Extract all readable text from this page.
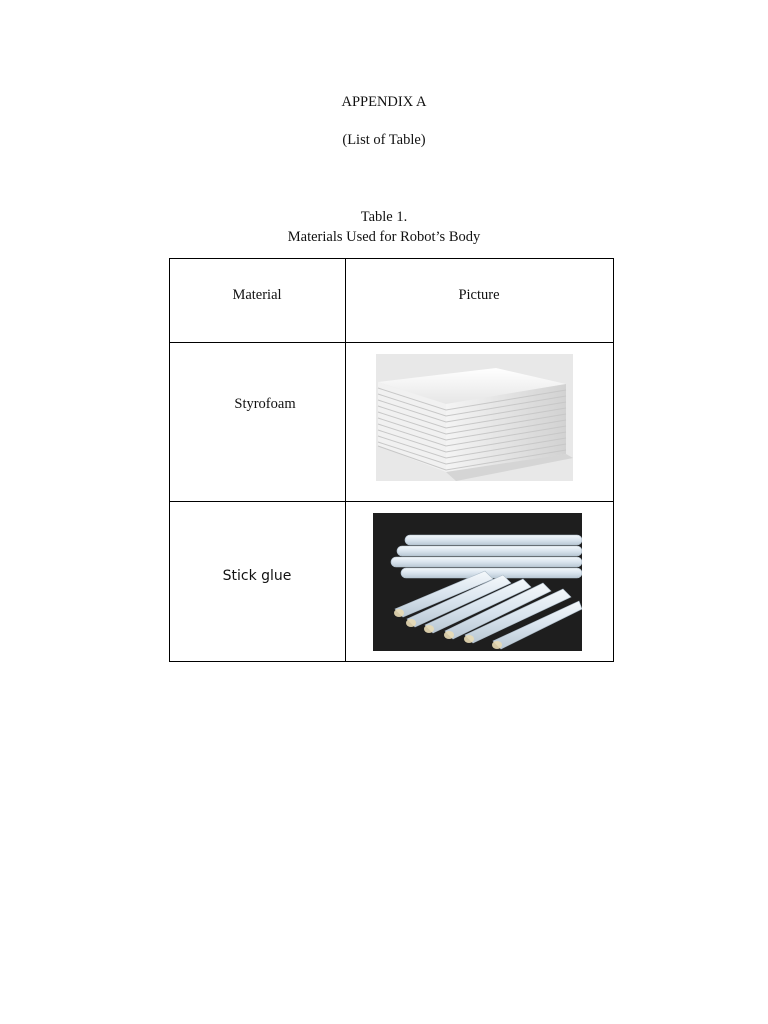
APPENDIX A
(List of Table)
Table 1.
Materials Used for Robot’s Body
Material	Picture
Styrofoam
Stick glue
